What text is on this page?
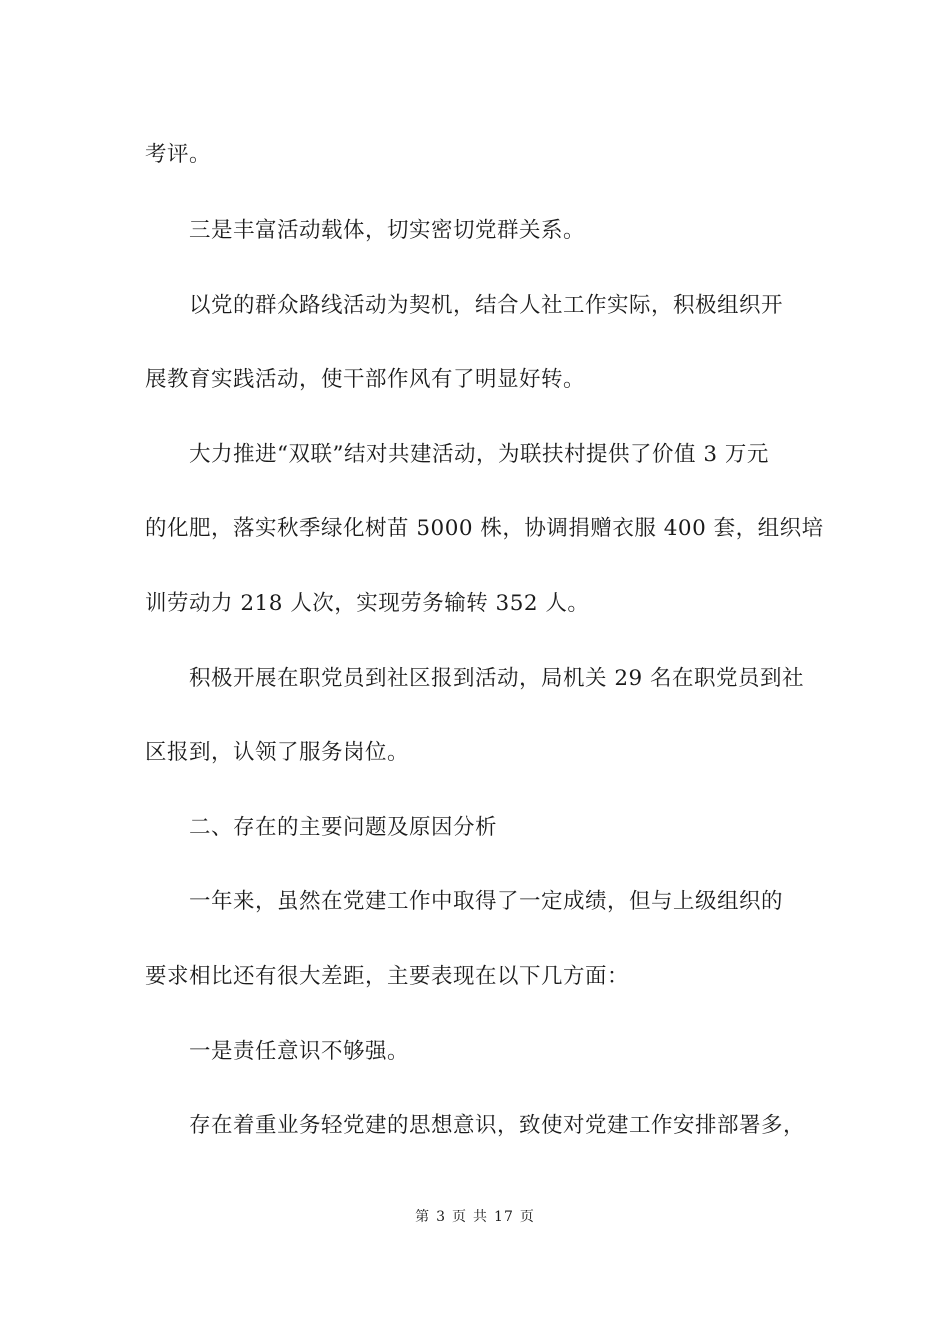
考评。
三是丰富活动载体，切实密切党群关系。
以党的群众路线活动为契机，结合人社工作实际，积极组织开
展教育实践活动，使干部作风有了明显好转。
大力推进“双联”结对共建活动，为联扶村提供了价值 3 万元
的化肥，落实秋季绿化树苗 5000 株，协调捐赠衣服 400 套，组织培
训劳动力 218 人次，实现劳务输转 352 人。
积极开展在职党员到社区报到活动，局机关 29 名在职党员到社
区报到，认领了服务岗位。
二、存在的主要问题及原因分析
一年来，虽然在党建工作中取得了一定成绩，但与上级组织的
要求相比还有很大差距，主要表现在以下几方面：
一是责任意识不够强。
存在着重业务轻党建的思想意识，致使对党建工作安排部署多，
第 3 页 共 17 页
